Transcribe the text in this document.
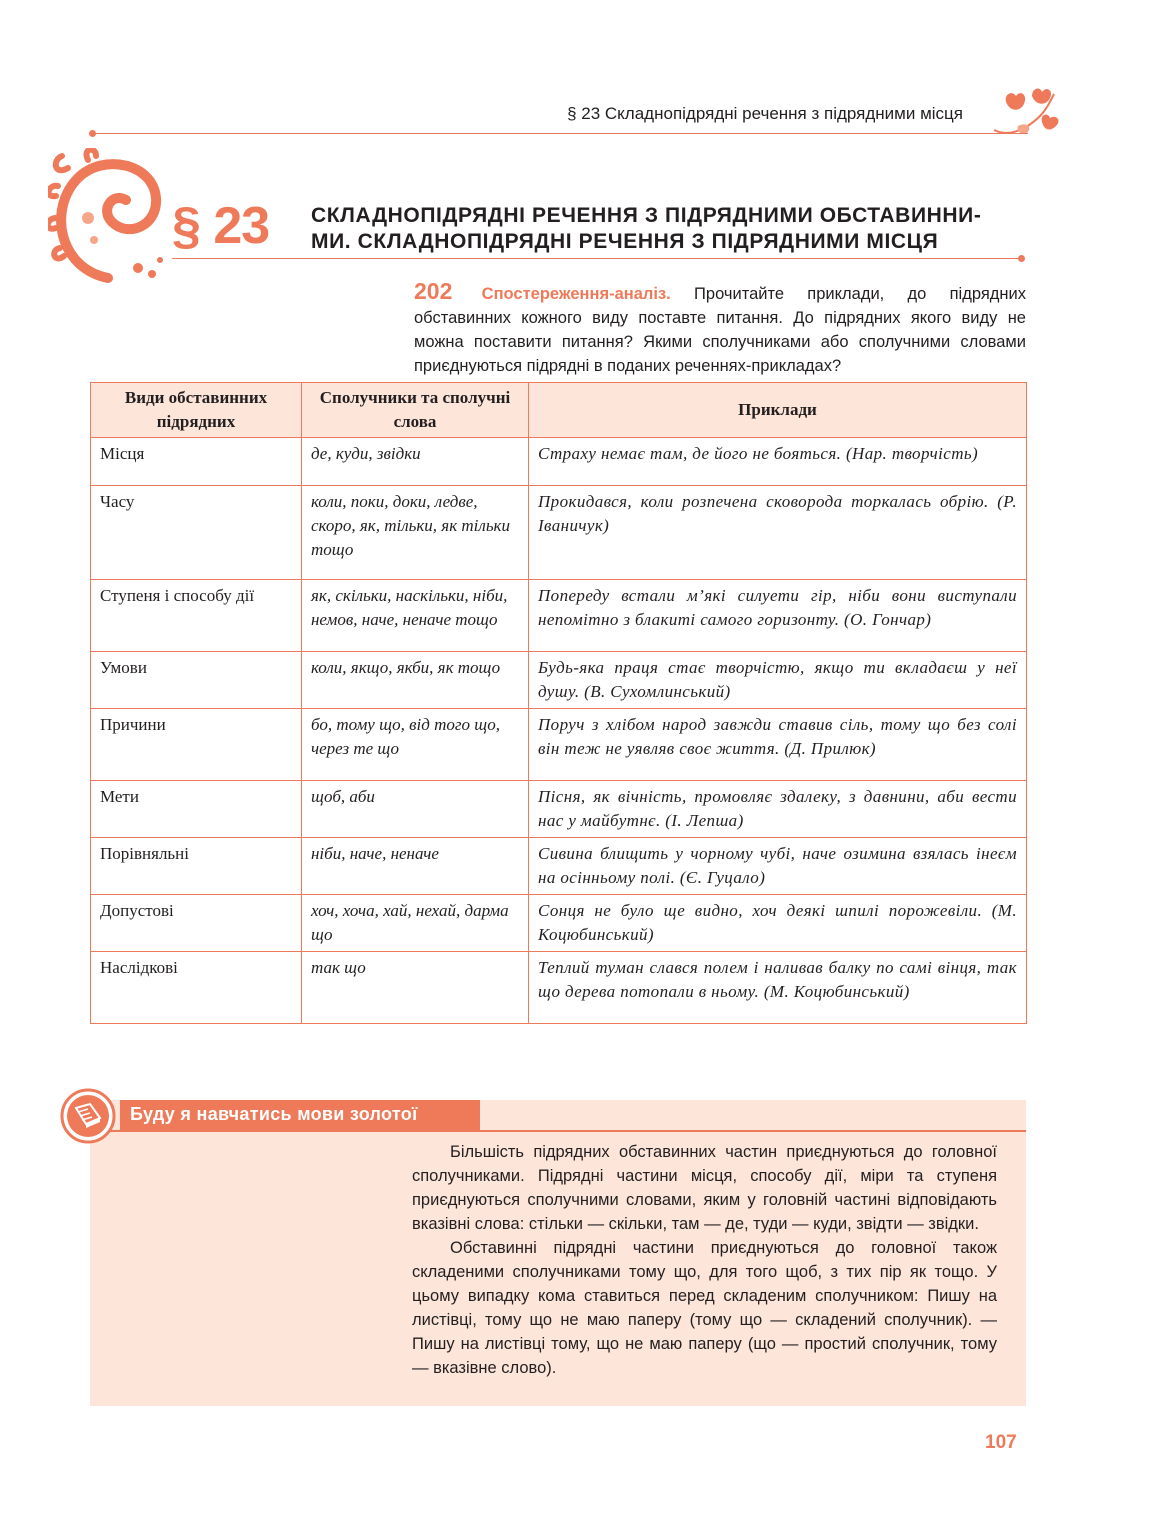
§ 23 Складнопідрядні речення з підрядними місця
§ 23 СКЛАДНОПІДРЯДНІ РЕЧЕННЯ З ПІДРЯДНИМИ ОБСТАВИННИ-
МИ. СКЛАДНОПІДРЯДНІ РЕЧЕННЯ З ПІДРЯДНИМИ МІСЦЯ
202 Спостереження-аналіз. Прочитайте приклади, до підрядних обставинних кожного виду поставте питання. До підрядних якого виду не можна поставити питання? Якими сполучниками або сполучними словами приєднуються підрядні в поданих реченнях-прикладах?
Види обставинних підрядних	Сполучники та сполучні слова	Приклади
Місця	де, куди, звідки	Страху немає там, де його не бояться. (Нар. творчість)
Часу	коли, поки, доки, ледве, скоро, як, тільки, як тільки тощо	Прокидався, коли розпечена сковорода торкалась обрію. (Р. Іваничук)
Ступеня і способу дії	як, скільки, наскільки, ніби, немов, наче, неначе тощо	Попереду встали м’які силуети гір, ніби вони виступали непомітно з блакиті самого горизонту. (О. Гончар)
Умови	коли, якщо, якби, як тощо	Будь-яка праця стає творчістю, якщо ти вкладаєш у неї душу. (В. Сухомлинський)
Причини	бо, тому що, від того що, через те що	Поруч з хлібом народ завжди ставив сіль, тому що без солі він теж не уявляв своє життя. (Д. Прилюк)
Мети	щоб, аби	Пісня, як вічність, промовляє здалеку, з давнини, аби вести нас у майбутнє. (І. Лепша)
Порівняльні	ніби, наче, неначе	Сивина блищить у чорному чубі, наче озимина взялась інеєм на осінньому полі. (Є. Гуцало)
Допустові	хоч, хоча, хай, нехай, дарма що	Сонця не було ще видно, хоч деякі шпилі порожевіли. (М. Коцюбинський)
Наслідкові	так що	Теплий туман слався полем і наливав балку по самі вінця, так що дерева потопали в ньому. (М. Коцюбинський)
Буду я навчатись мови золотої

Більшість підрядних обставинних частин приєднуються до головної сполучниками. Підрядні частини місця, способу дії, міри та ступеня приєднуються сполучними словами, яким у головній частині відповідають вказівні слова: стільки — скільки, там — де, туди — куди, звідти — звідки.

Обставинні підрядні частини приєднуються до головної також складеними сполучниками тому що, для того щоб, з тих пір як тощо. У цьому випадку кома ставиться перед складеним сполучником: Пишу на листівці, тому що не маю паперу (тому що — складений сполучник). — Пишу на листівці тому, що не маю паперу (що — простий сполучник, тому — вказівне слово).

107
